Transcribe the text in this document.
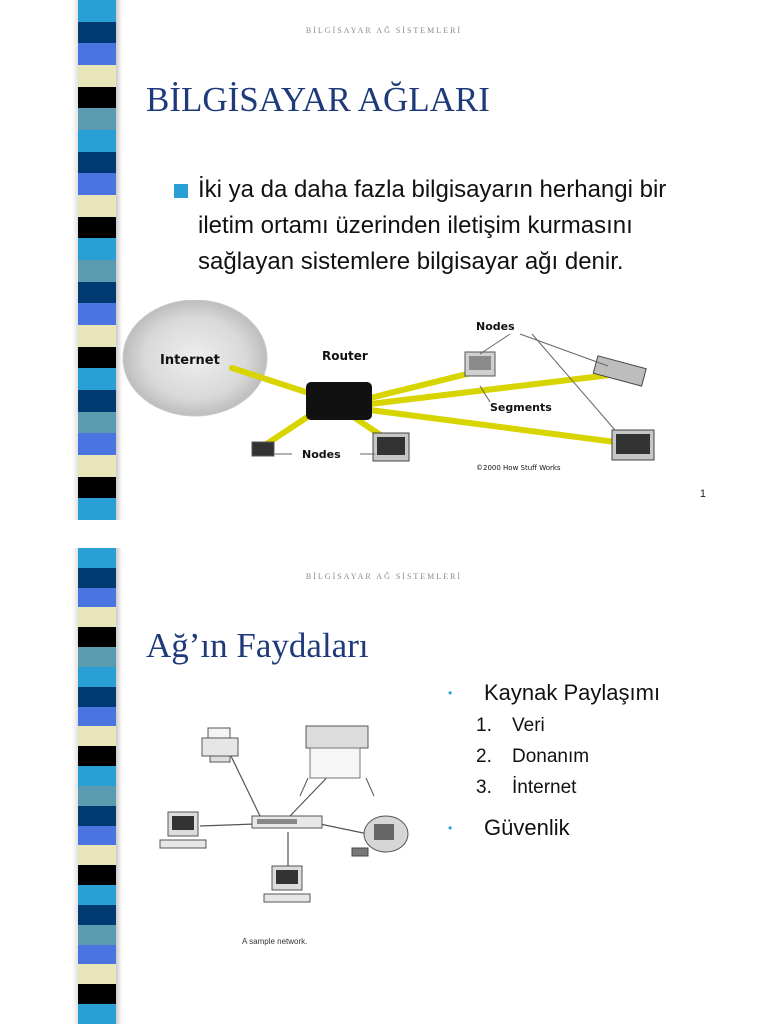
BİLGİSAYAR AĞ SİSTEMLERİ
BİLGİSAYAR AĞLARI
İki ya da daha fazla bilgisayarın herhangi bir iletim ortamı üzerinden iletişim kurmasını sağlayan sistemlere bilgisayar ağı denir.
Internet	Router
Nodes
Segments
Nodes
©2000 How Stuff Works
1
BİLGİSAYAR AĞ SİSTEMLERİ
Ağ’ın Faydaları
• Kaynak Paylaşımı
1. Veri
2. Donanım
3. İnternet
• Güvenlik
A sample network.
